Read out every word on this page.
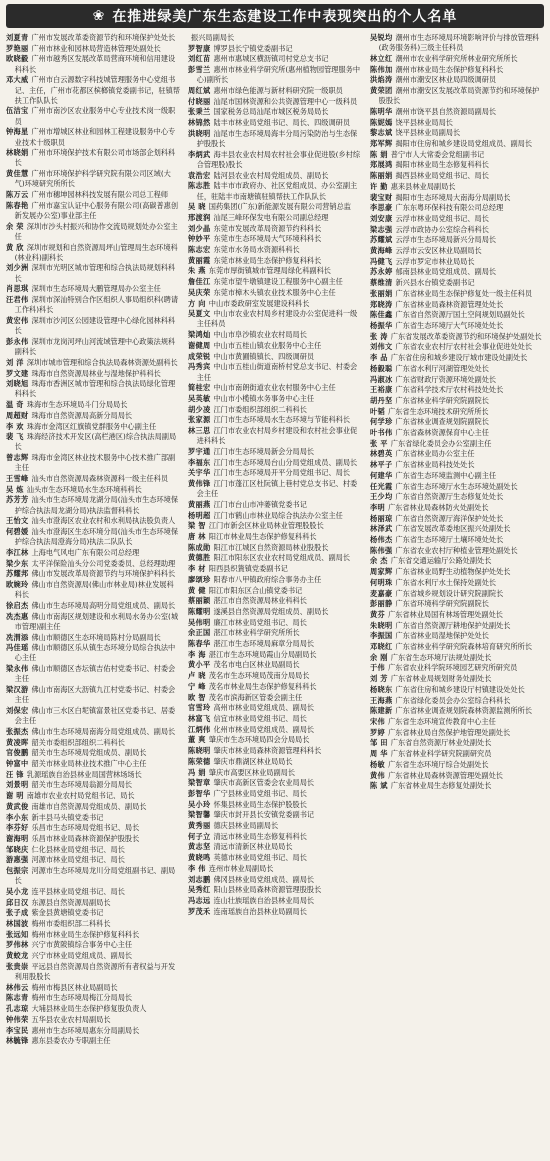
❀ 在推进绿美广东生态建设工作中表现突出的个人名单
刘夏青 广州市发展改革委资源节约和环境保护处处长
罗艳丽 广州市林业和园林局营造林管理处副处长
欧晓毅 广州市越秀区发展改革局营商环境和信用建设科科长
邓大威 广州市白云源数字科技城管理服务中心党组书记、主任，广州市花都区槟榔镇党委副书记，驻镇帮扶工作队队长
伍洁宝 广州市南沙区农业服务中心专业技术岗一级职员
钟海星 广州市增城区林业和园林工程建设服务中心专业技术十级职员
林晓娟 广州市环境保护技术有限公司市场部企划科科长
黄佳慧 广州市环境保护科学研究院有限公司区域(大气)环境研究所所长
陈万云 广州市穗坤园林科技发展有限公司总工程师
陈春艳 广州市嘉宝认证中心服务有限公司(高碳普惠创新发展办公室)事业部主任
余 荣 深圳市沙头村振兴和协作交流局规划处办公室主任
黄 欣 深圳市规划和自然资源局坪山管理局生态环境科(林业科)副科长
刘少洲 深圳市光明区城市管理和综合执法局规划科科长
肖思琪 深圳市生态环境局大鹏管理局办公室主任
汪君伟 深圳市深汕特别合作区组织人事局组织科(聘请工作科)科长
黄宏伟 深圳市沙河区公园建设管理中心绿化园林科科长
彭永伟 深圳市龙岗河坪山河流域管理中心政策法规科副科长
刘 洋 深圳市城市管理和综合执法局森林资源处副科长
罗文建 珠海市自然资源局林业与湿地保护科科长
刘晓旭 珠海市香洲区城市管理和综合执法局绿化管理科科长
温 奇 珠海市生态环境局斗门分局局长
周超财 珠海市自然资源局高新分局局长
李 欢 珠海市金湾区红旗镇党群服务中心副主任
裴 飞 珠海经济技术开发区(高栏港区)综合执法局副局长
曾志辉 珠海市金湾区林业技术服务中心技术推广部副主任
王雪峰 汕头市自然资源局森林资源科一级主任科员
吴 炼 汕头市生态环境局水生态环境科科长
苏芳芳 汕头市生态环境局龙湖分局(汕头市生态环境保护综合执法局龙湖分局)执法监督科科长
王怡文 汕头市澄海区农业农村和水利局执法股负责人
何碧媛 汕头市澄海区生态环境分局(汕头市生态环境保护综合执法局澄海分局)执法二队队长
李江林 上海电气风电广东有限公司总经理
梁少东 太平洋保险汕头分公司党委委员、总经理助理
苏耀邦 佛山市发展改革局资源节约与环境保护科科长
欧婉玲 佛山市自然资源局(佛山市林业局)林业发展科科长
徐启杰 佛山市生态环境局高明分局党组成员、副局长
冼杰惠 佛山市南海区规划建设和水利局水务办公室(城市管理)副主任
冼渭添 佛山市顺德区生态环境局陈村分局副局长
冯佳瑶 佛山市顺德区乐从镇生态环境分局综合执法中心主任
梁永伟 佛山市顺德区杏坛镇吉佑村党委书记、村委会主任
梁汉游 佛山市南海区大沥镇九江村党委书记、村委会主任
刘保宏 佛山市三水区白坭镇富景社区党委书记、居委会主任
张振杰 佛山市生态环境局南海分局党组成员、副局长
黄凌晖 韶关市委组织部组织二科科长
官俊鹏 韶关市生态环境局党组成员、副局长
钟富中 韶关市林业局林业技术推广中心主任
汪 锋 乳源瑶族自治县林业局国营林场场长
刘景明 韶关市生态环境局翁源分局局长
谢 明 南雄市农业农村局党组书记、局长
黄武俊 南雄市自然资源局党组成员、副局长
李小东 新丰县马头镇党委书记
李芬好 乐昌市生态环境局党组书记、局长
谢海明 乐昌市林业局森林资源保护股股长
邹晓庆 仁化县林业局党组书记、局长
游惠强 河源市林业局党组书记、局长
包振宗 河源市生态环境局龙川分局党组副书记、副局长
吴小龙 连平县林业局党组书记、局长
邱日汉 东源县自然资源局副局长
张子成 紫金县黄塘镇党委书记
林国波 梅州市委组织部二科科长
张远知 梅州市林业局生态保护修复科科长
罗伟林 兴宁市黄陂镇综合事务中心主任
黄蛟龙 兴宁市林业局党组成员、副局长
张贵崇 平远县自然资源局自然资源所有者权益与开发利用股股长
林伟云 梅州市梅县区林业局副局长
陈志青 梅州市生态环境局梅江分局局长
孔志琼 大埔县林业局生态保护修复股负责人
钟伟荣 五华县农业农村局副局长
李宝民 惠州市生态环境局惠东分局副局长
林毓锋 惠东县委农办专职副主任
振兴局副局长
罗智康 博罗县长宁镇党委副书记
刘红苗 惠州市惠城区横沥镇司村党总支书记
彭雪兰 惠州市林业科学研究所(惠州植物园管理服务中心)副所长
周红斌 惠州市绿色能源与新材料研究院一级职员
付晓丽 汕尾市国林资源和公共资源管理中心一级科员
张秉兰 国家税务总局汕尾市城区税务局局长
林锦然 陆丰市林业局党组书记、局长、四级调研员
洪晓明 汕尾市生态环境局海丰分局污染防治与生态保护股股长
李炳武 海丰县农业农村局农村社会事业促进股(乡村综合管理股)股长
袁浩宏 陆河县农业农村局党组成员、副局长
陈志胜 陆丰市市政府办、社区党组成员、办公室副主任，驻陆丰市南塘镇驻镇帮扶工作队队长
吴 晓 国药集团(广东)新能源发展有限公司营销总监
邢渡润 汕尾三峰环保发电有限公司副总经理
刘少晶 东莞市发展改革局资源节约科科长
钟妙平 东莞市生态环境局大气环境科科长
陈志宏 东莞市水务局水资源科科长
黄丽霞 东莞市林业局生态保护修复科科长
朱 燕 东莞市厚街镇城市管理局绿化科副科长
詹佳江 东莞市望牛墩镇建设工程服务中心副主任
吴庆荣 东莞市樟木头镇农业技术服务中心主任
方 向 中山市委政研室发展建设科科长
吴夏文 中山市农业农村局乡村建设办公室促进科一级主任科员
梁鸿灿 中山市阜沙镇农业农村局局长
谢健周 中山市五桂山镇农业服务中心主任
成荣锐 中山市黄圃镇镇长、四级调研员
冯秀宾 中山市五桂山街道南桥村党总支书记、村委会主任
简桂宏 中山市南朗街道农业农村服务中心主任
吴英敏 中山市小榄镇水务事务中心主任
胡少凌 江门市委组织部组织二科科长
张家源 江门市生态环境局水生态环境与节能科科长
林三思 江门市农业农村局乡村建设和农村社会事业促进科科长
罗宇通 江门市生态环境局新会分局局长
李福东 江门市生态环境局台山分局党组成员、副局长
关宇华 江门市生态环境局开平分局党组书记、局长
黄伟锋 江门市蓬江区杜阮镇上巷村党总支书记、村委会主任
黄丽燕 江门市台山市冲蒌镇党委书记
杨明超 江门市鹤山市林业局综合执法办公室主任
梁 智 江门市新会区林业局林业管理股股长
唐 林 阳江市林业局生态保护修复科科长
陈成勋 阳江市江城区自然资源局林业股股长
黄德胜 阳江市阳东区农业农村局党组成员、副局长
李 材 阳西县织篢镇党委副书记
廖颂珍 阳春市八甲镇政府综合事务办主任
黄 健 阳江市阳东区合山镇党委书记
蔡丽颖 湛江市自然资源局林业科科长
陈耀明 遂溪县自然资源局党组成员、副局长
吴伟明 廉江市林业局党组书记、局长
余正国 湛江市林业科学研究所所长
陈春华 湛江市生态环境局麻章分局局长
李 海 湛江市生态环境局霞山分局副局长
黄小平 茂名市电白区林业局副局长
卢 晓 茂名市生态环境局茂南分局局长
宁 峰 茂名市林业局生态保护修复科科长
欧 智 茂名市滨海新区管委会副主任
官雪玲 高州市林业局党组成员、副局长
林富飞 信宜市林业局党组书记、局长
江炳伟 化州市林业局党组成员、副局长
董 爽 肇庆市生态环境局四会分局局长
陈晓明 肇庆市林业局森林资源管理科科长
陈荣德 肇庆市鼎湖区林业局局长
冯 娟 肇庆市高要区林业局副局长
梁智章 肇庆市高新区管委会农业局局长
彭智华 广宁县林业局党组书记、局长
吴小玲 怀集县林业局生态保护股股长
梁智馨 肇庆市封开县长安镇党委副书记
黄秀丽 德庆县林业局副局长
何子立 清远市林业局生态修复科科长
黄志坚 清远市清新区林业局局长
黄晓鸣 英德市林业局党组书记、局长
李 伟 连州市林业局副局长
刘志鹏 佛冈县林业局党组成员、副局长
吴秀红 阳山县林业局森林资源管理股股长
冯志远 连山壮族瑶族自治县林业局局长
罗茂禾 连南瑶族自治县林业局副局长
吴锐均 潮州市生态环境局环境影响评价与排放管理科(政务服务科)三级主任科员
林立红 潮州市农业科学研究所林业研究所所长
陈伟加 潮州市林业局生态保护修复科科长
洪焰涛 潮州市潮安区林业局四级调研员
黄荣团 潮州市潮安区发展改革局资源节约和环境保护股股长
陈明华 潮州市饶平县自然资源局副局长
陈妮嫣 饶平县林业局局长
黎志斌 饶平县林业局副局长
郑军辉 揭阳市住房和城乡建设局党组成员、副局长
陈 娟 普宁市人大常委会党组副书记
郑展鸿 揭阳市林业局生态修复科科长
陈丽娟 揭西县林业局党组书记、局长
许 勤 惠来县林业局副局长
裴宝财 揭阳市生态环境局大南海分局副局长
李思豪 广东东粤环保科技有限公司总经理
刘安康 云浮市林业局党组书记、局长
梁志强 云浮市政协办公室综合科科长
苏耀斌 云浮市生态环境局新兴分局局长
黄海峰 云浮市云安区林业局副局长
冯健飞 云浮市罗定市林业局局长
苏永婷 郁南县林业局党组成员、副局长
蔡维清 新兴县水台镇党委副书记
张丽娟 广东省林业局生态保护修复处一级主任科员
郑晓涛 广东省林业局森林资源管理处处长
陈佳鑫 广东省自然资源厅国土空间规划局副处长
杨振华 广东省生态环境厅大气环境处处长
张 涛 广东省发展改革委资源节约和环境保护处副处长
刘伟文 广东省农业农村厅农村社会事业促进处处长
李 品 广东省住房和城乡建设厅城市建设处副处长
杨毅聪 广东省水利厅河湖管理处处长
冯淑冰 广东省财政厅资源环境处副处长
王裕康 广东省科学技术厅农村科技处处长
胡丹坚 广东省林业科学研究院副院长
叶韬 广东省生态环境技术研究所所长
何学珍 广东省林业调查规划院副院长
叶书伟 广东省森林资源保育中心主任
张 平 广东省绿化委员会办公室副主任
林碧英 广东省林业局办公室主任
林平子 广东省林业局科技处处长
何建华 广东省生态环境监测中心副主任
任光霞 广东省生态环境厅水生态环境处副处长
王少均 广东省自然资源厅生态修复处处长
李明 广东省林业局森林防火处副处长
杨丽琼 广东省自然资源厅海洋保护处处长
林泽武 广东省发展改革委地区振兴处副处长
杨伟杰 广东省生态环境厅土壤环境处处长
陈伟强 广东省农业农村厅种植业管理处副处长
余 杰 广东省交通运输厅公路处副处长
周家辉 广东省林业局野生动植物保护处处长
何明珠 广东省水利厅水土保持处副处长
麦嘉豪 广东省城乡规划设计研究院副院长
彭丽静 广东省环境科学研究院副院长
黄芬 广东省林业局国有林场管理处副处长
朱晓明 广东省自然资源厅耕地保护处副处长
李振国 广东省林业局湿地保护处处长
邓晓红 广东省林业科学研究院森林培育研究所所长
余 刚 广东省生态环境厅法规处副处长
于伟 广东省农业科学院环境园艺研究所研究员
刘 芳 广东省林业局规划财务处副处长
杨晓东 广东省住房和城乡建设厅村镇建设处处长
王海燕 广东省绿化委员会办公室综合科科长
陈建新 广东省林业调查规划院森林资源监测所所长
宋伟 广东省生态环境宣传教育中心主任
罗婷 广东省林业局自然保护地管理处副处长
邹 田 广东省自然资源厅林业处副处长
周 华 广东省林业科学研究院副研究员
杨敏 广东省生态环境厅综合处副处长
黄伟 广东省林业局森林资源管理处副处长
陈 斌 广东省林业局生态修复处副处长
